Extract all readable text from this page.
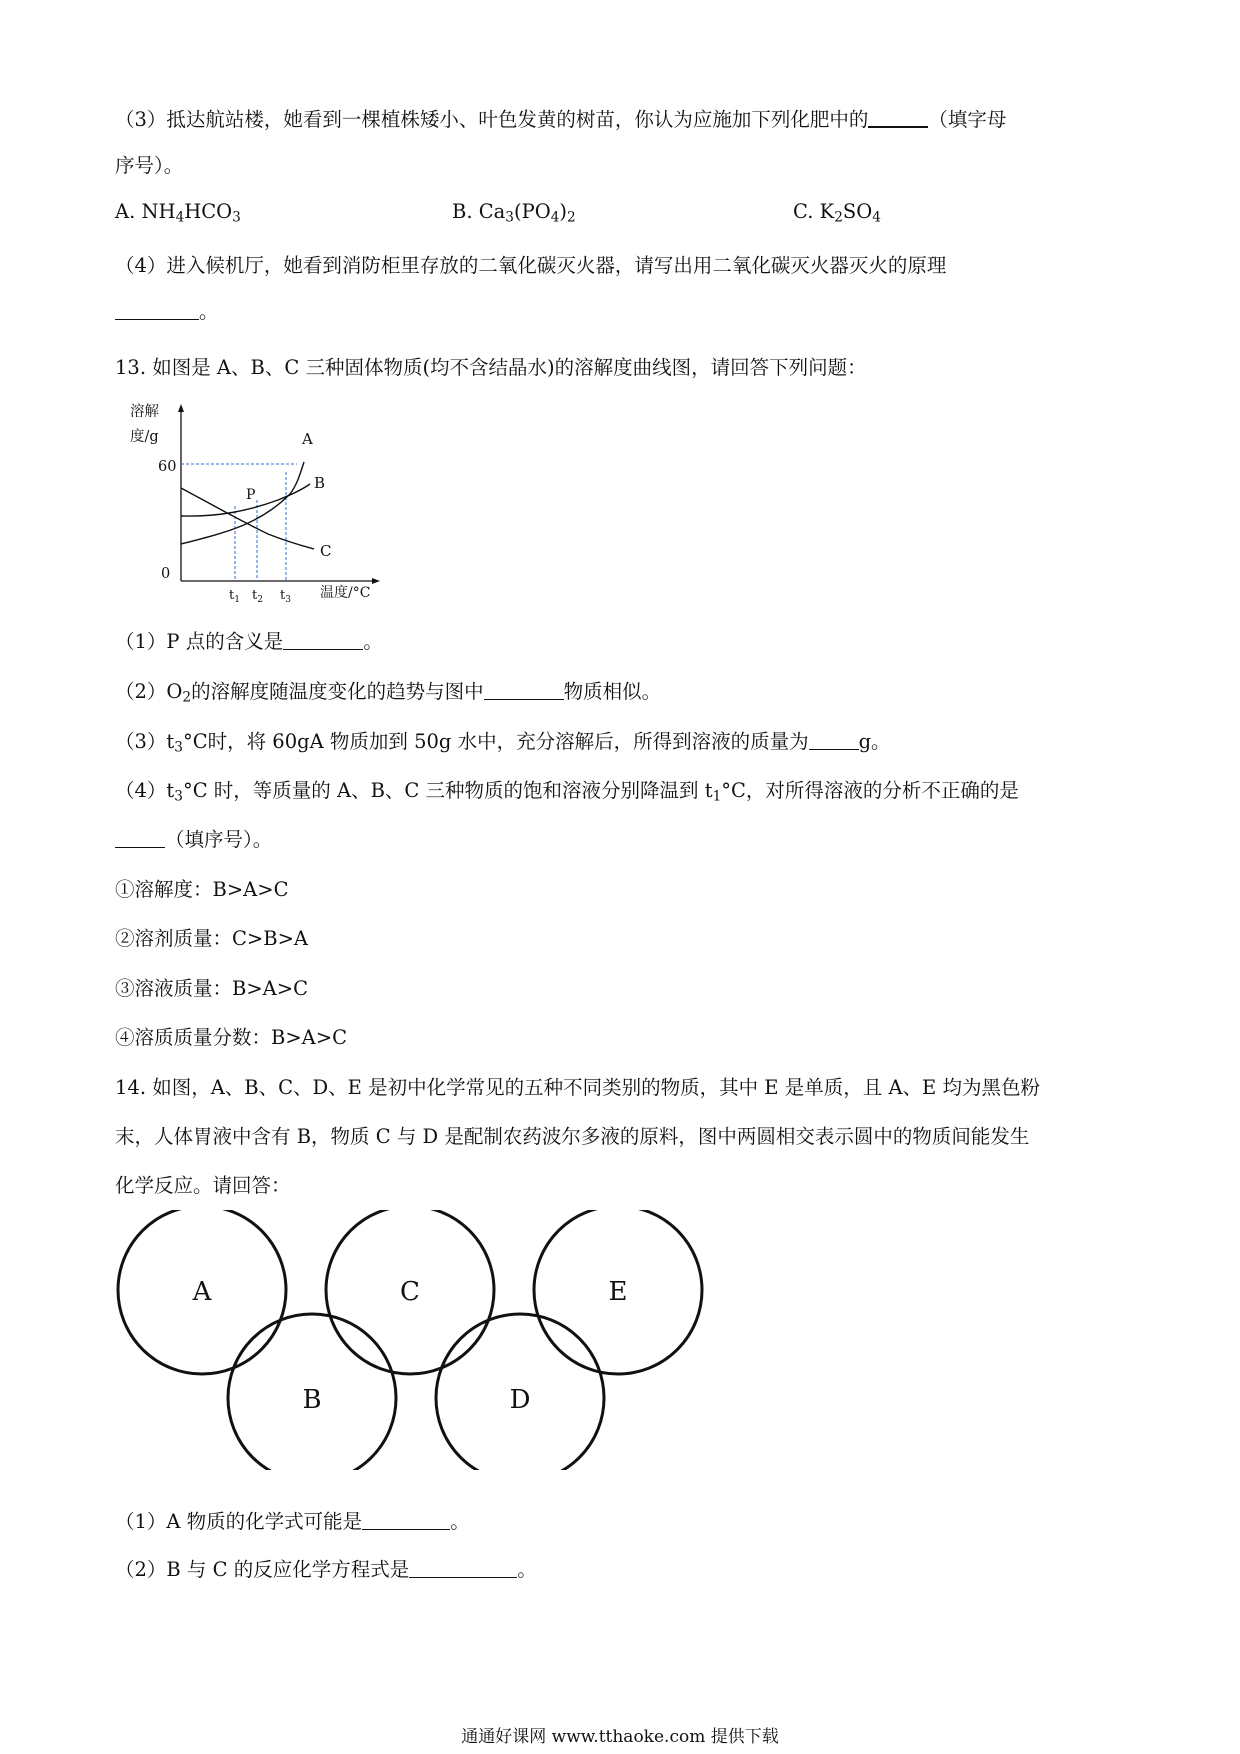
（3）抵达航站楼，她看到一棵植株矮小、叶色发黄的树苗，你认为应施加下列化肥中的	（填字母
序号）。
A. $NH_4HCO_3$	B. $Ca_3(PO_4)_2$	C. $K_2SO_4$
（4）进入候机厅，她看到消防柜里存放的二氧化碳灭火器，请写出用二氧化碳灭火器灭火的原理
。
13. 如图是 A、B、C 三种固体物质(均不含结晶水)的溶解度曲线图，请回答下列问题：
溶解
度/g
60
0
温度/°C
A
B
C
P
$t_1$ $t_2$ $t_3$
（1）P 点的含义是	。
$(2)O_2$的溶解度随温度变化的趋势与图中	物质相似。
$(3)t_3^\circ C$时，将 60gA 物质加到 50g 水中，充分溶解后，所得到溶液的质量为	g。
$(4)t_3^\circ C$ 时，等质量的 A、B、C 三种物质的饱和溶液分别降温到 $t_1^\circ C$，对所得溶液的分析不正确的是
（填序号）。
①溶解度：B>A>C
②溶剂质量：C>B>A
③溶液质量：B>A>C
④溶质质量分数：B>A>C
14. 如图，A、B、C、D、E 是初中化学常见的五种不同类别的物质，其中 E 是单质，且 A、E 均为黑色粉
末，人体胃液中含有 B，物质 C 与 D 是配制农药波尔多液的原料，图中两圆相交表示圆中的物质间能发生
化学反应。请回答：
A	C	E
B	D
（1）A 物质的化学式可能是	。
（2）B 与 C 的反应化学方程式是	。
通通好课网 www.tthaoke.com 提供下载
